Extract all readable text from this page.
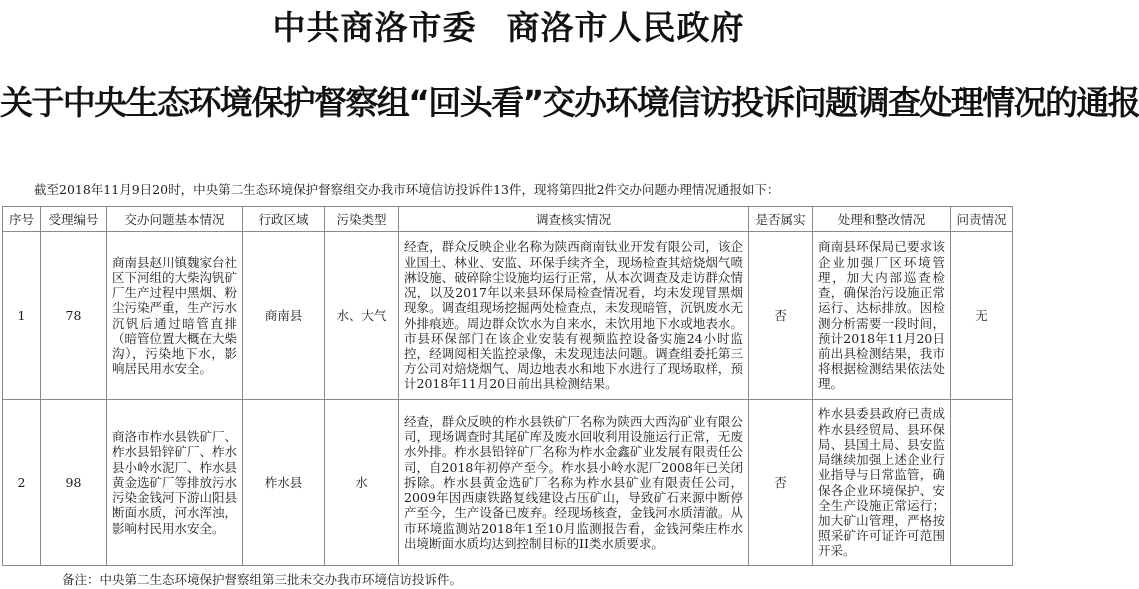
中共商洛市委 商洛市人民政府
关于中央生态环境保护督察组“回头看”交办环境信访投诉问题调查处理情况的通报
截至2018年11月9日20时，中央第二生态环境保护督察组交办我市环境信访投诉件13件，现将第四批2件交办问题办理情况通报如下：
序号	受理编号	交办问题基本情况	行政区域	污染类型	调查核实情况	是否属实	处理和整改情况	问责情况
1	78	商南县赵川镇魏家台社区下河组的大柴沟钒矿厂生产过程中黑烟、粉尘污染严重，生产污水沉钒后通过暗管直排（暗管位置大概在大柴沟），污染地下水，影响居民用水安全。	商南县	水、大气	经查，群众反映企业名称为陕西商南钛业开发有限公司，该企业国土、林业、安监、环保手续齐全，现场检查其焙烧烟气喷淋设施、破碎除尘设施均运行正常，从本次调查及走访群众情况，以及2017年以来县环保局检查情况看，均未发现冒黑烟现象。调查组现场挖掘两处检查点，未发现暗管，沉钒废水无外排痕迹。周边群众饮水为自来水，未饮用地下水或地表水。市县环保部门在该企业安装有视频监控设备实施24小时监控，经调阅相关监控录像，未发现违法问题。调查组委托第三方公司对焙烧烟气、周边地表水和地下水进行了现场取样，预计2018年11月20日前出具检测结果。	否	商南县环保局已要求该企业加强厂区环境管理，加大内部巡查检查，确保治污设施正常运行、达标排放。因检测分析需要一段时间，预计2018年11月20日前出具检测结果，我市将根据检测结果依法处理。	无
2	98	商洛市柞水县铁矿厂、柞水县铅锌矿厂、柞水县小岭水泥厂、柞水县黄金选矿厂等排放污水污染金钱河下游山阳县断面水质，河水浑浊，影响村民用水安全。	柞水县	水	经查，群众反映的柞水县铁矿厂名称为陕西大西沟矿业有限公司，现场调查时其尾矿库及废水回收利用设施运行正常，无废水外排。柞水县铅锌矿厂名称为柞水金鑫矿业发展有限责任公司，自2018年初停产至今。柞水县小岭水泥厂2008年已关闭拆除。柞水县黄金选矿厂名称为柞水县矿业有限责任公司，2009年因西康铁路复线建设占压矿山，导致矿石来源中断停产至今，生产设备已废弃。经现场核查，金钱河水质清澈。从市环境监测站2018年1至10月监测报告看，金钱河柴庄柞水出境断面水质均达到控制目标的II类水质要求。	否	柞水县委县政府已责成柞水县经贸局、县环保局、县国土局、县安监局继续加强上述企业行业指导与日常监管，确保各企业环境保护、安全生产设施正常运行；加大矿山管理，严格按照采矿许可证许可范围开采。	
备注：中央第二生态环境保护督察组第三批未交办我市环境信访投诉件。
